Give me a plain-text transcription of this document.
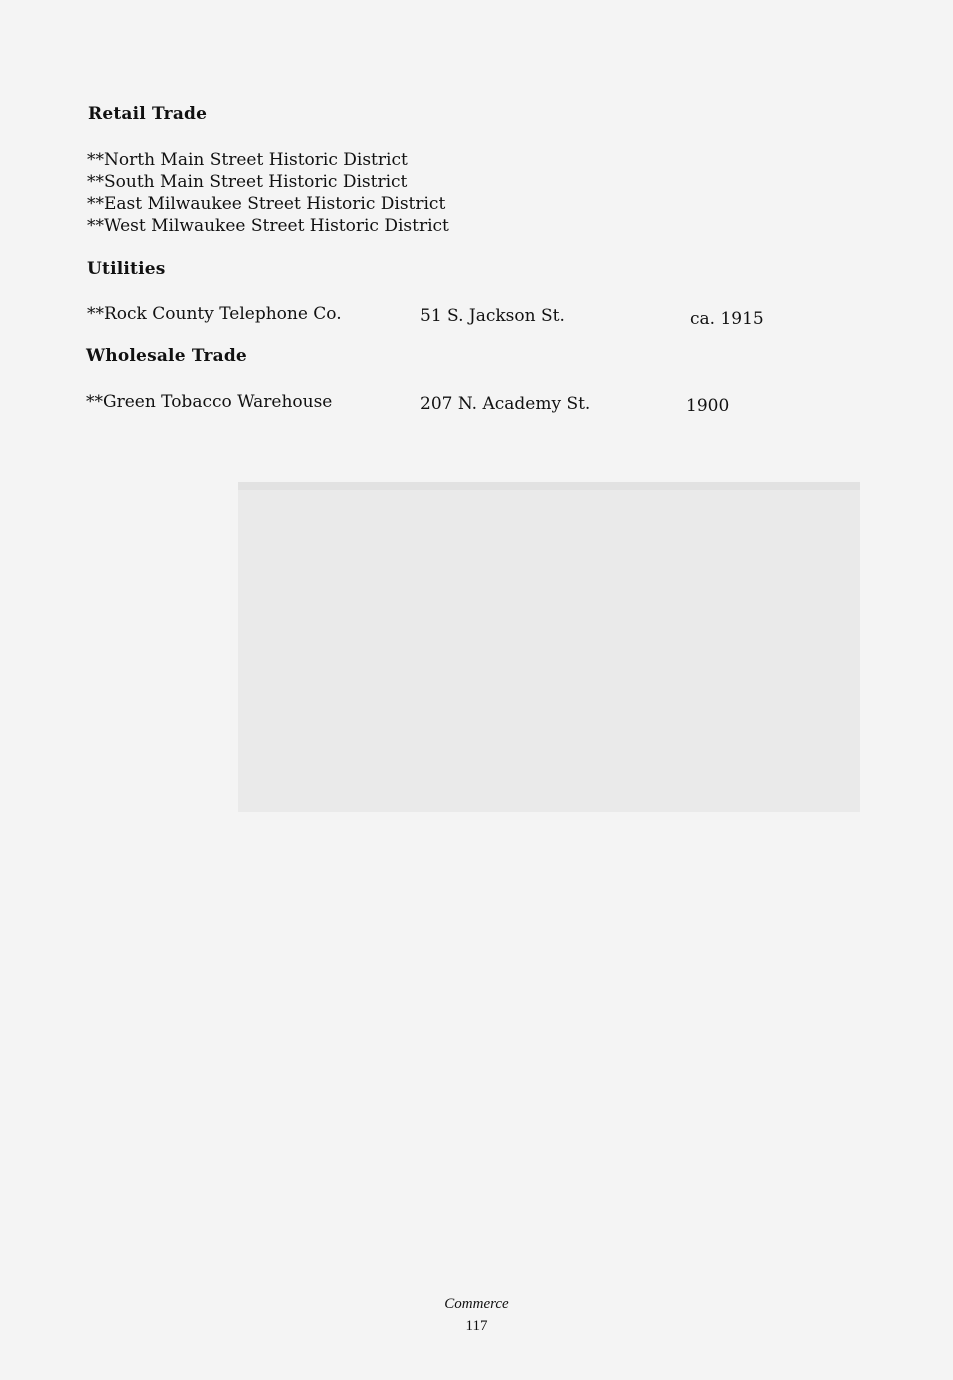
Retail Trade
**North Main Street Historic District
**South Main Street Historic District
**East Milwaukee Street Historic District
**West Milwaukee Street Historic District
Utilities
**Rock County Telephone Co.	51 S. Jackson St.	ca. 1915
Wholesale Trade
**Green Tobacco Warehouse	207 N. Academy St.	1900
Commerce
117
